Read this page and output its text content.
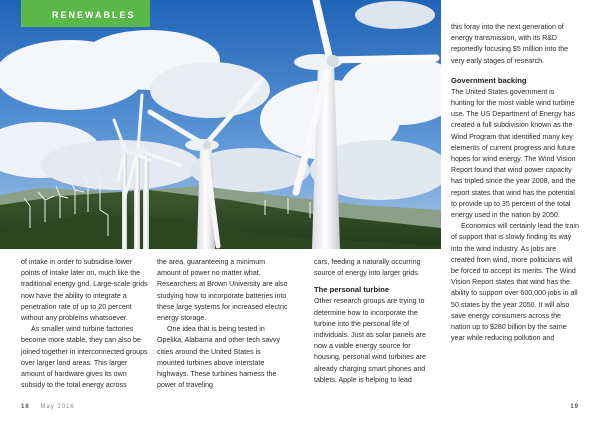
RENEWABLES

of intake in order to subsidise lower points of intake later on, much like the traditional energy grid. Large-scale grids now have the ability to integrate a penetration rate of up to 20 percent without any problems whatsoever.

As smaller wind turbine factories become more stable, they can also be joined together in interconnected groups over larger land areas. This larger amount of hardware gives its own subsidy to the total energy across

the area, guaranteeing a minimum amount of power no matter what. Researchers at Brown University are also studying how to incorporate batteries into these large systems for increased electric energy storage.

One idea that is being tested in Opelika, Alabama and other tech savvy cities around the United States is mounted turbines above interstate highways. These turbines harness the power of traveling

cars, feeding a naturally occurring source of energy into larger grids.

The personal turbine

Other research groups are trying to determine how to incorporate the turbine into the personal life of individuals. Just as solar panels are now a viable energy source for housing, personal wind turbines are already charging smart phones and tablets. Apple is helping to lead

this foray into the next generation of energy transmission, with its R&D reportedly focusing $5 million into the very early stages of research.

Government backing

The United States government is hunting for the most viable wind turbine use. The US Department of Energy has created a full subdivision known as the Wind Program that identified many key elements of current progress and future hopes for wind energy. The Wind Vision Report found that wind power capacity has tripled since the year 2008, and the report states that wind has the potential to provide up to 35 percent of the total energy used in the nation by 2050.

Economics will certainly lead the train of support that is slowly finding its way into the wind industry. As jobs are created from wind, more politicians will be forced to accept its merits. The Wind Vision Report states that wind has the ability to support over 600,000 jobs in all 50 states by the year 2050. It will also save energy consumers across the nation up to $280 billion by the same year while reducing pollution and

18 May 2016	19
